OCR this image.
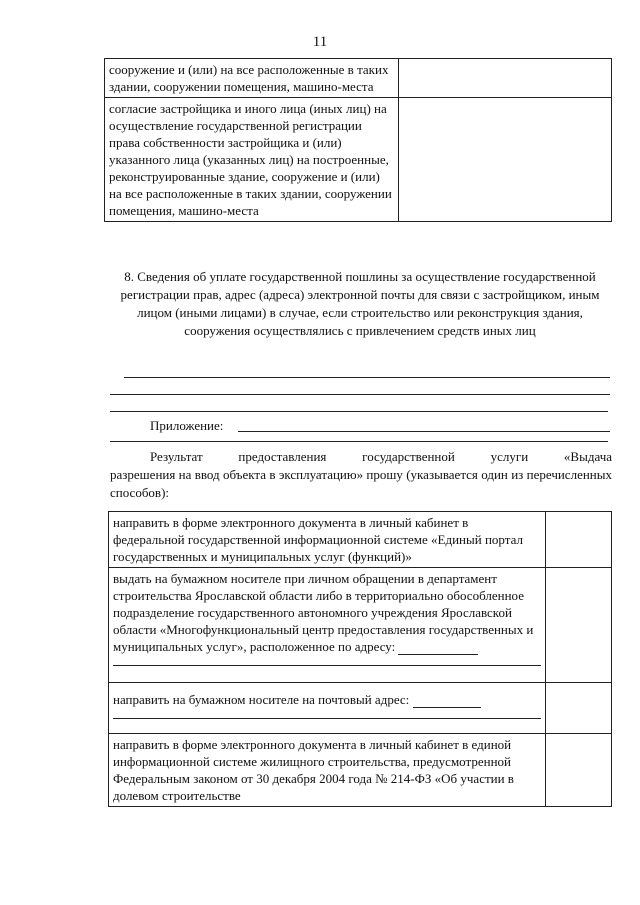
11
сооружение и (или) на все расположенные в таких здании, сооружении помещения, машино-места	
согласие застройщика и иного лица (иных лиц) на осуществление государственной регистрации права собственности застройщика и (или) указанного лица (указанных лиц) на построенные, реконструированные здание, сооружение и (или) на все расположенные в таких здании, сооружении помещения, машино-места	
8. Сведения об уплате государственной пошлины за осуществление государственной регистрации прав, адрес (адреса) электронной почты для связи с застройщиком, иным лицом (иными лицами) в случае, если строительство или реконструкция здания, сооружения осуществлялись с привлечением средств иных лиц
Приложение:
Результат предоставления государственной услуги «Выдача
разрешения на ввод объекта в эксплуатацию» прошу (указывается один из перечисленных способов):
направить в форме электронного документа в личный кабинет в федеральной государственной информационной системе «Единый портал государственных и муниципальных услуг (функций)»	
выдать на бумажном носителе при личном обращении в департамент строительства Ярославской области либо в территориально обособленное подразделение государственного автономного учреждения Ярославской области «Многофункциональный центр предоставления государственных и муниципальных услуг», расположенное по адресу:

направить на бумажном носителе на почтовый адрес:

направить в форме электронного документа в личный кабинет в единой информационной системе жилищного строительства, предусмотренной Федеральным законом от 30 декабря 2004 года № 214-ФЗ «Об участии в долевом строительстве	
